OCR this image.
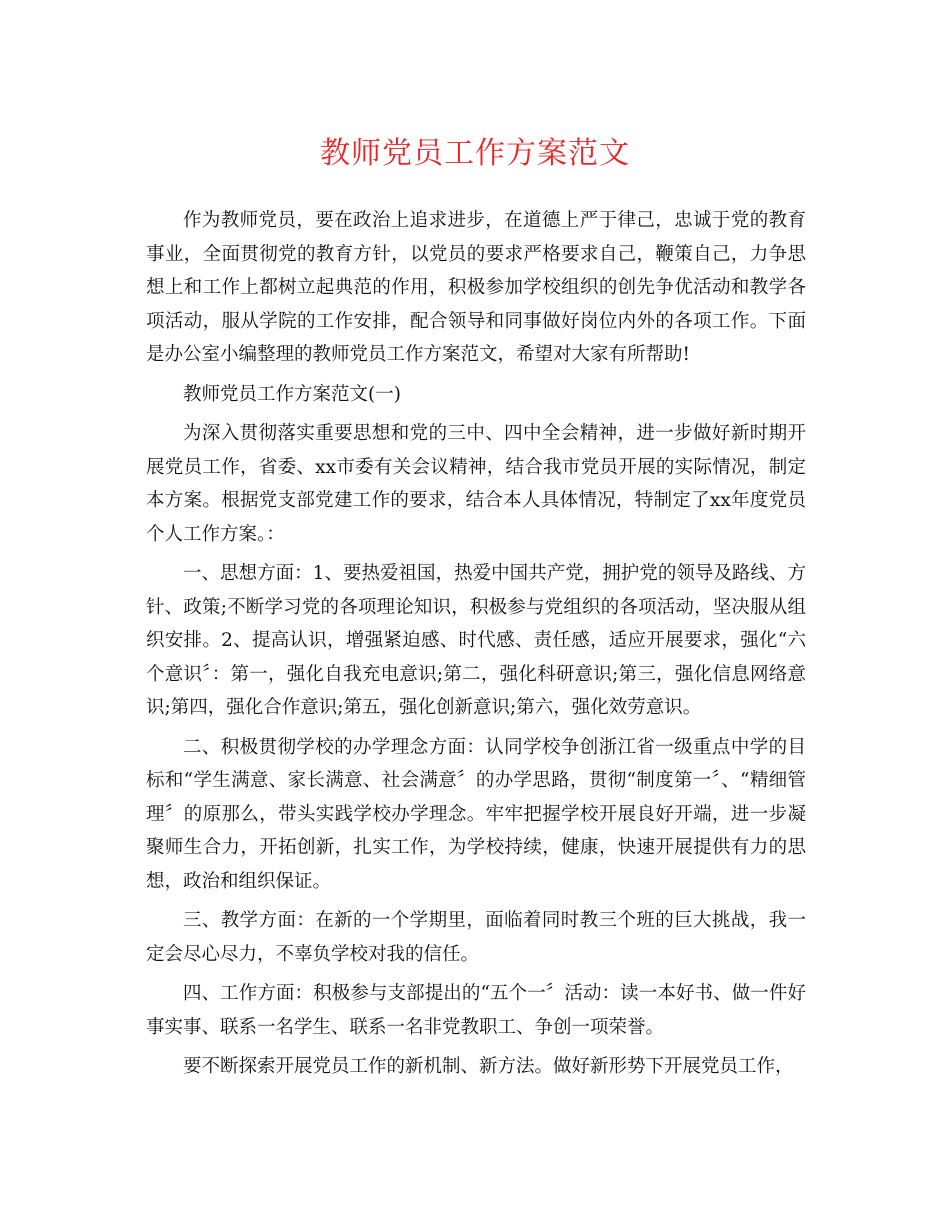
教师党员工作方案范文

作为教师党员，要在政治上追求进步，在道德上严于律己，忠诚于党的教育事业，全面贯彻党的教育方针，以党员的要求严格要求自己，鞭策自己，力争思想上和工作上都树立起典范的作用，积极参加学校组织的创先争优活动和教学各项活动，服从学院的工作安排，配合领导和同事做好岗位内外的各项工作。下面是办公室小编整理的教师党员工作方案范文，希望对大家有所帮助!

教师党员工作方案范文(一)

为深入贯彻落实重要思想和党的三中、四中全会精神，进一步做好新时期开展党员工作，省委、xx市委有关会议精神，结合我市党员开展的实际情况，制定本方案。根据党支部党建工作的要求，结合本人具体情况，特制定了xx年度党员个人工作方案。：

一、思想方面：1、要热爱祖国，热爱中国共产党，拥护党的领导及路线、方针、政策;不断学习党的各项理论知识，积极参与党组织的各项活动，坚决服从组织安排。2、提高认识，增强紧迫感、时代感、责任感，适应开展要求，强化“六个意识〞：第一，强化自我充电意识;第二，强化科研意识;第三，强化信息网络意识;第四，强化合作意识;第五，强化创新意识;第六，强化效劳意识。

二、积极贯彻学校的办学理念方面：认同学校争创浙江省一级重点中学的目标和“学生满意、家长满意、社会满意〞的办学思路，贯彻“制度第一〞、“精细管理〞的原那么，带头实践学校办学理念。牢牢把握学校开展良好开端，进一步凝聚师生合力，开拓创新，扎实工作，为学校持续，健康，快速开展提供有力的思想，政治和组织保证。

三、教学方面：在新的一个学期里，面临着同时教三个班的巨大挑战，我一定会尽心尽力，不辜负学校对我的信任。

四、工作方面：积极参与支部提出的“五个一〞活动：读一本好书、做一件好事实事、联系一名学生、联系一名非党教职工、争创一项荣誉。

要不断探索开展党员工作的新机制、新方法。做好新形势下开展党员工作，
